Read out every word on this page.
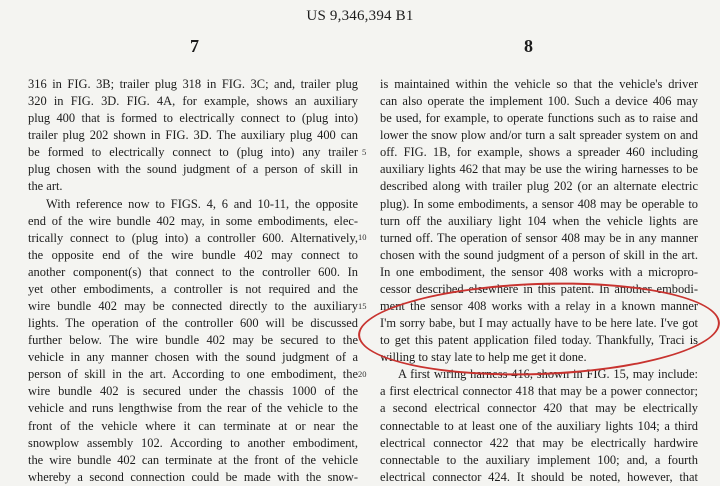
US 9,346,394 B1
7	8
316 in FIG. 3B; trailer plug 318 in FIG. 3C; and, trailer plug
320 in FIG. 3D. FIG. 4A, for example, shows an auxiliary
plug 400 that is formed to electrically connect to (plug into)
trailer plug 202 shown in FIG. 3D. The auxiliary plug 400 can
be formed to electrically connect to (plug into) any trailer
plug chosen with the sound judgment of a person of skill in
the art.
With reference now to FIGS. 4, 6 and 10-11, the opposite
end of the wire bundle 402 may, in some embodiments, elec-
trically connect to (plug into) a controller 600. Alternatively,
the opposite end of the wire bundle 402 may connect to
another component(s) that connect to the controller 600. In
yet other embodiments, a controller is not required and the
wire bundle 402 may be connected directly to the auxiliary
lights. The operation of the controller 600 will be discussed
further below. The wire bundle 402 may be secured to the
vehicle in any manner chosen with the sound judgment of a
person of skill in the art. According to one embodiment, the
wire bundle 402 is secured under the chassis 1000 of the
vehicle and runs lengthwise from the rear of the vehicle to the
front of the vehicle where it can terminate at or near the
snowplow assembly 102. According to another embodiment,
the wire bundle 402 can terminate at the front of the vehicle
whereby a second connection could be made with the snow-
5
10
15
20
is maintained within the vehicle so that the vehicle's driver
can also operate the implement 100. Such a device 406 may
be used, for example, to operate functions such as to raise and
lower the snow plow and/or turn a salt spreader system on and
off. FIG. 1B, for example, shows a spreader 460 including
auxiliary lights 462 that may be use the wiring harnesses to be
described along with trailer plug 202 (or an alternate electric
plug). In some embodiments, a sensor 408 may be operable to
turn off the auxiliary light 104 when the vehicle lights are
turned off. The operation of sensor 408 may be in any manner
chosen with the sound judgment of a person of skill in the art.
In one embodiment, the sensor 408 works with a micropro-
cessor described elsewhere in this patent. In another embodi-
ment the sensor 408 works with a relay in a known manner
I'm sorry babe, but I may actually have to be here late. I've got
to get this patent application filed today. Thankfully, Traci is
willing to stay late to help me get it done.
A first wiring harness 416, shown in FIG. 15, may include:
a first electrical connector 418 that may be a power connector;
a second electrical connector 420 that may be electrically
connectable to at least one of the auxiliary lights 104; a third
electrical connector 422 that may be electrically hardwire
connectable to the auxiliary implement 100; and, a fourth
electrical connector 424. It should be noted, however, that
